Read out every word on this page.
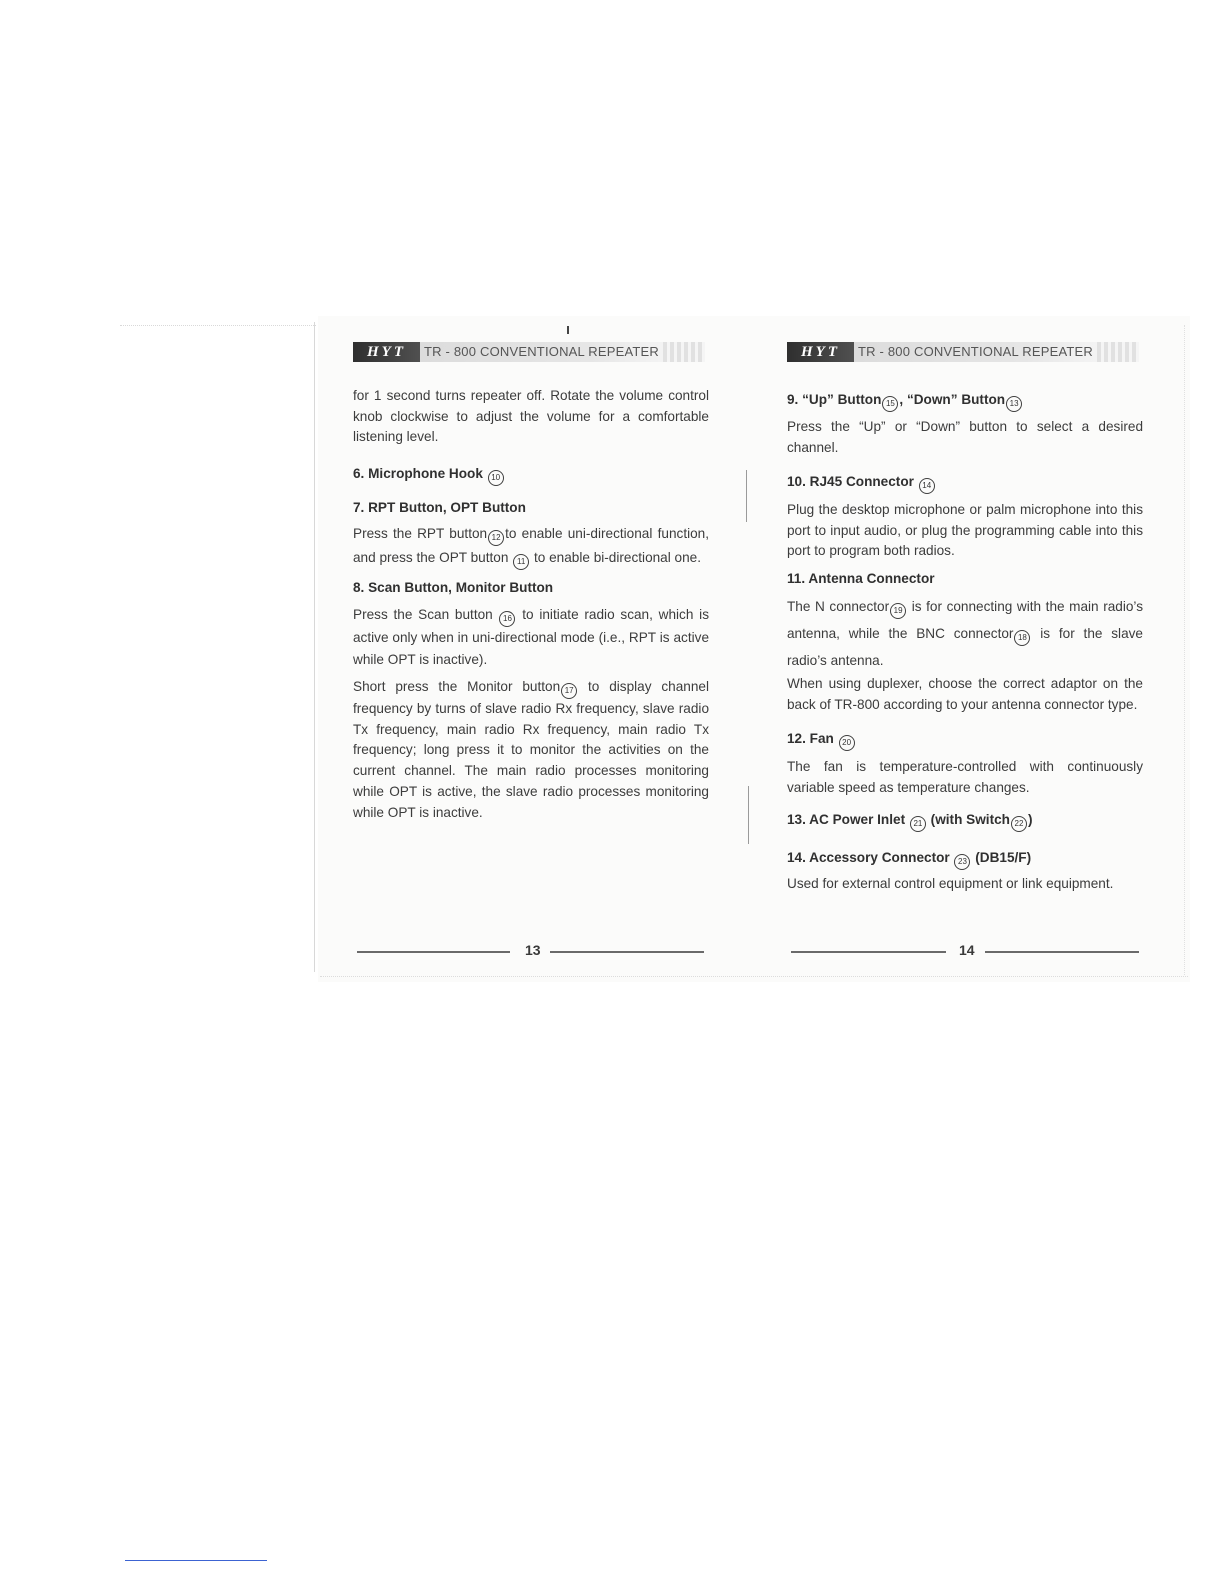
HYT	TR - 800 CONVENTIONAL REPEATER

for 1 second turns repeater off. Rotate the volume control knob clockwise to adjust the volume for a comfortable listening level.

6. Microphone Hook 10
7. RPT Button, OPT Button

Press the RPT button 12 to enable uni-directional function, and press the OPT button 11 to enable bi-directional one.

8. Scan Button, Monitor Button

Press the Scan button 16 to initiate radio scan, which is active only when in uni-directional mode (i.e., RPT is active while OPT is inactive).

Short press the Monitor button 17 to display channel frequency by turns of slave radio Rx frequency, slave radio Tx frequency, main radio Rx frequency, main radio Tx frequency; long press it to monitor the activities on the current channel. The main radio processes monitoring while OPT is active, the slave radio processes monitoring while OPT is inactive.

13
HYT	TR - 800 CONVENTIONAL REPEATER
9. “Up” Button 15 , “Down” Button 13

Press the “Up” or “Down” button to select a desired channel.

10. RJ45 Connector 14

Plug the desktop microphone or palm microphone into this port to input audio, or plug the programming cable into this port to program both radios.

11. Antenna Connector

The N connector 19 is for connecting with the main radio’s antenna, while the BNC connector 18 is for the slave radio’s antenna.

When using duplexer, choose the correct adaptor on the back of TR-800 according to your antenna connector type.

12. Fan 20

The fan is temperature-controlled with continuously variable speed as temperature changes.

13. AC Power Inlet 21 (with Switch 22 )
14. Accessory Connector 23 (DB15/F)

Used for external control equipment or link equipment.

14
